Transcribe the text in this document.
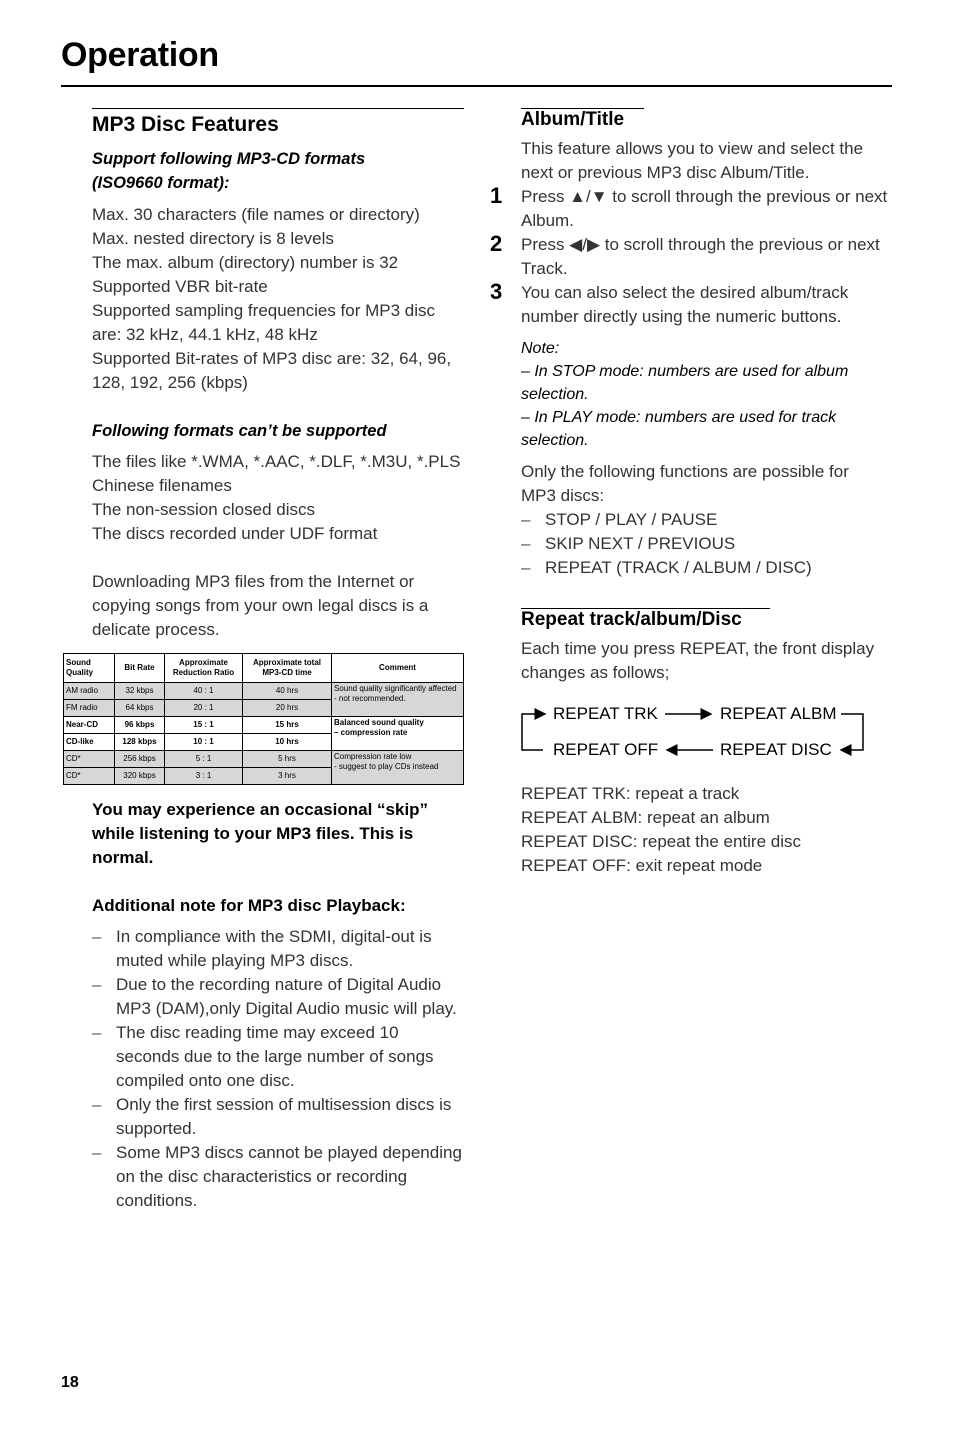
Operation
MP3 Disc Features
Support following MP3-CD formats
(ISO9660 format):
Max. 30 characters (file names or directory)
Max. nested directory is 8 levels
The max. album (directory) number is 32
Supported VBR bit-rate
Supported sampling frequencies for MP3 disc
are: 32 kHz, 44.1 kHz, 48 kHz
Supported Bit-rates of MP3 disc are: 32, 64, 96,
128, 192, 256 (kbps)
Following formats can’t be supported
The files like *.WMA, *.AAC, *.DLF, *.M3U, *.PLS
Chinese filenames
The non-session closed discs
The discs recorded under UDF format
Downloading MP3 files from the Internet or
copying songs from your own legal discs is a
delicate process.
Sound Quality	Bit Rate	Approximate Reduction Ratio	Approximate total MP3-CD time	Comment
AM radio	32 kbps	40 : 1	40 hrs	Sound quality significantly affected
- not recommended.
FM radio	64 kbps	20 : 1	20 hrs	
Near-CD	96 kbps	15 : 1	15 hrs	Balanced sound quality
– compression rate
CD-like	128 kbps	10 : 1	10 hrs	
CD*	256 kbps	5 : 1	5 hrs	Compression rate low
- suggest to play CDs instead
CD*	320 kbps	3 : 1	3 hrs	
You may experience an occasional “skip”
while listening to your MP3 files. This is
normal.
Additional note for MP3 disc Playback:
– In compliance with the SDMI, digital-out is
muted while playing MP3 discs.
– Due to the recording nature of Digital Audio
MP3 (DAM),only Digital Audio music will play.
– The disc reading time may exceed 10
seconds due to the large number of songs
compiled onto one disc.
– Only the first session of multisession discs is
supported.
– Some MP3 discs cannot be played depending
on the disc characteristics or recording
conditions.
Album/Title
This feature allows you to view and select the
next or previous MP3 disc Album/Title.
1 Press ▲/▼ to scroll through the previous or next
Album.
2 Press ◀/▶ to scroll through the previous or next
Track.
3 You can also select the desired album/track
number directly using the numeric buttons.
Note:
– In STOP mode: numbers are used for album
selection.
– In PLAY mode: numbers are used for track
selection.
Only the following functions are possible for
MP3 discs:
– STOP / PLAY / PAUSE
– SKIP NEXT / PREVIOUS
– REPEAT (TRACK / ALBUM / DISC)
Repeat track/album/Disc
Each time you press REPEAT, the front display
changes as follows;
REPEAT TRK	REPEAT ALBM
REPEAT OFF	REPEAT DISC
REPEAT TRK: repeat a track
REPEAT ALBM: repeat an album
REPEAT DISC: repeat the entire disc
REPEAT OFF: exit repeat mode
18
